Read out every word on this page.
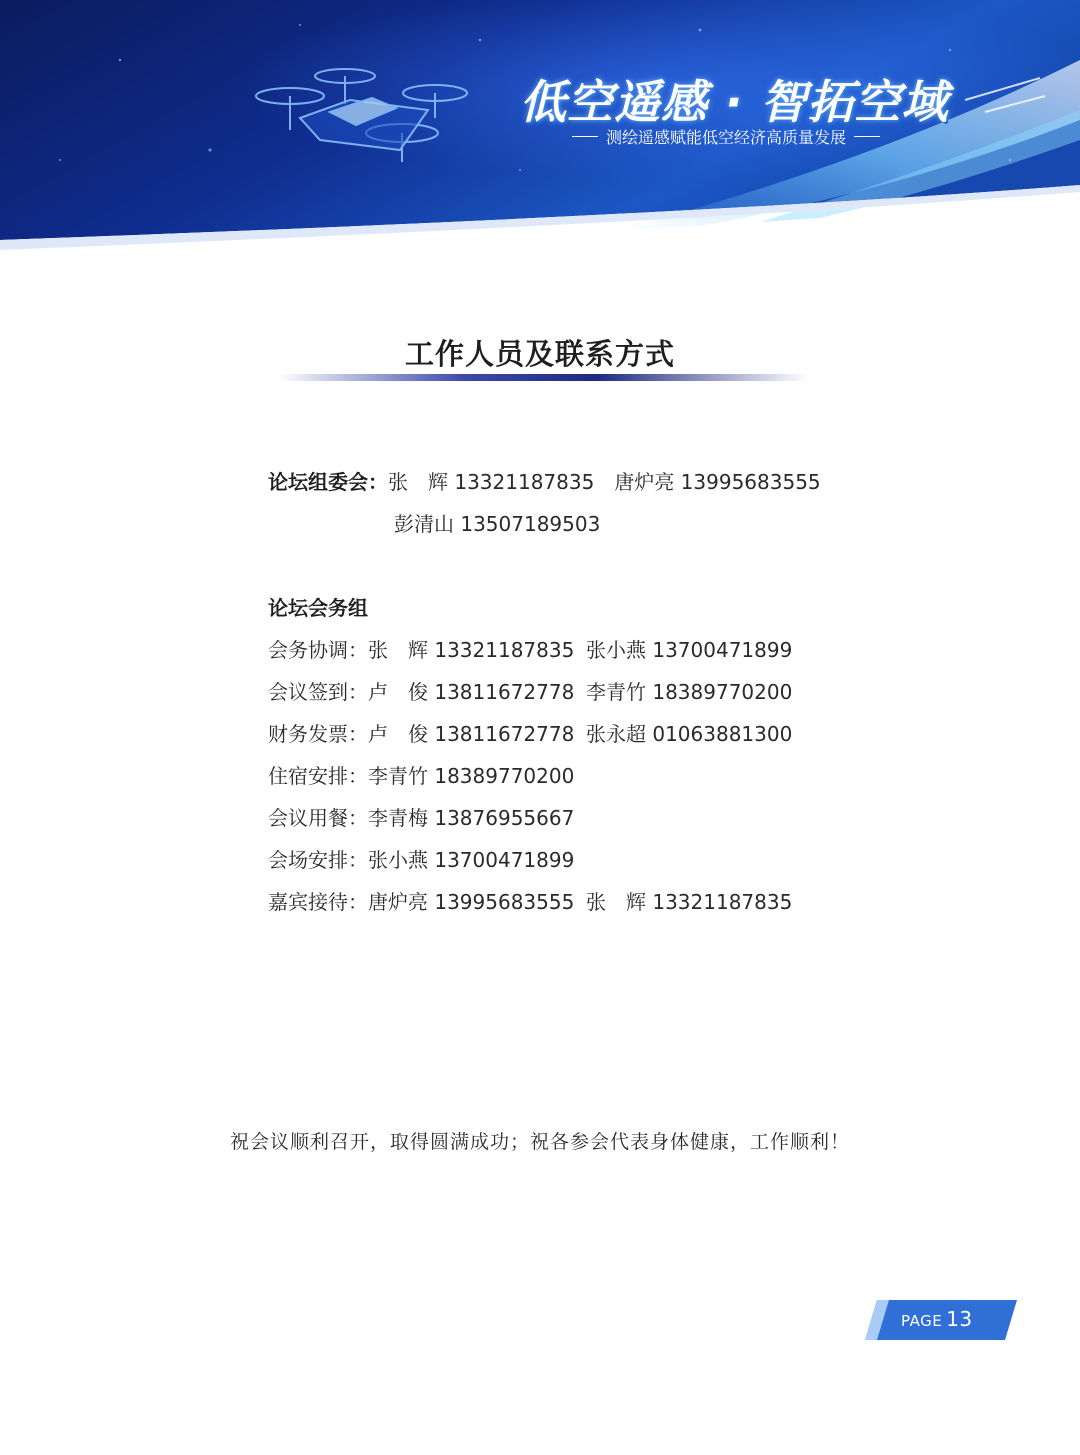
低空遥感 · 智拓空域
测绘遥感赋能低空经济高质量发展
工作人员及联系方式
论坛组委会：张　辉 13321187835　唐炉亮 13995683555
彭清山 13507189503
论坛会务组
会务协调：张　辉 13321187835 张小燕 13700471899
会议签到：卢　俊 13811672778 李青竹 18389770200
财务发票：卢　俊 13811672778 张永超 01063881300
住宿安排：李青竹 18389770200
会议用餐：李青梅 13876955667
会场安排：张小燕 13700471899
嘉宾接待：唐炉亮 13995683555 张　辉 13321187835
祝会议顺利召开，取得圆满成功；祝各参会代表身体健康，工作顺利！
PAGE 13
